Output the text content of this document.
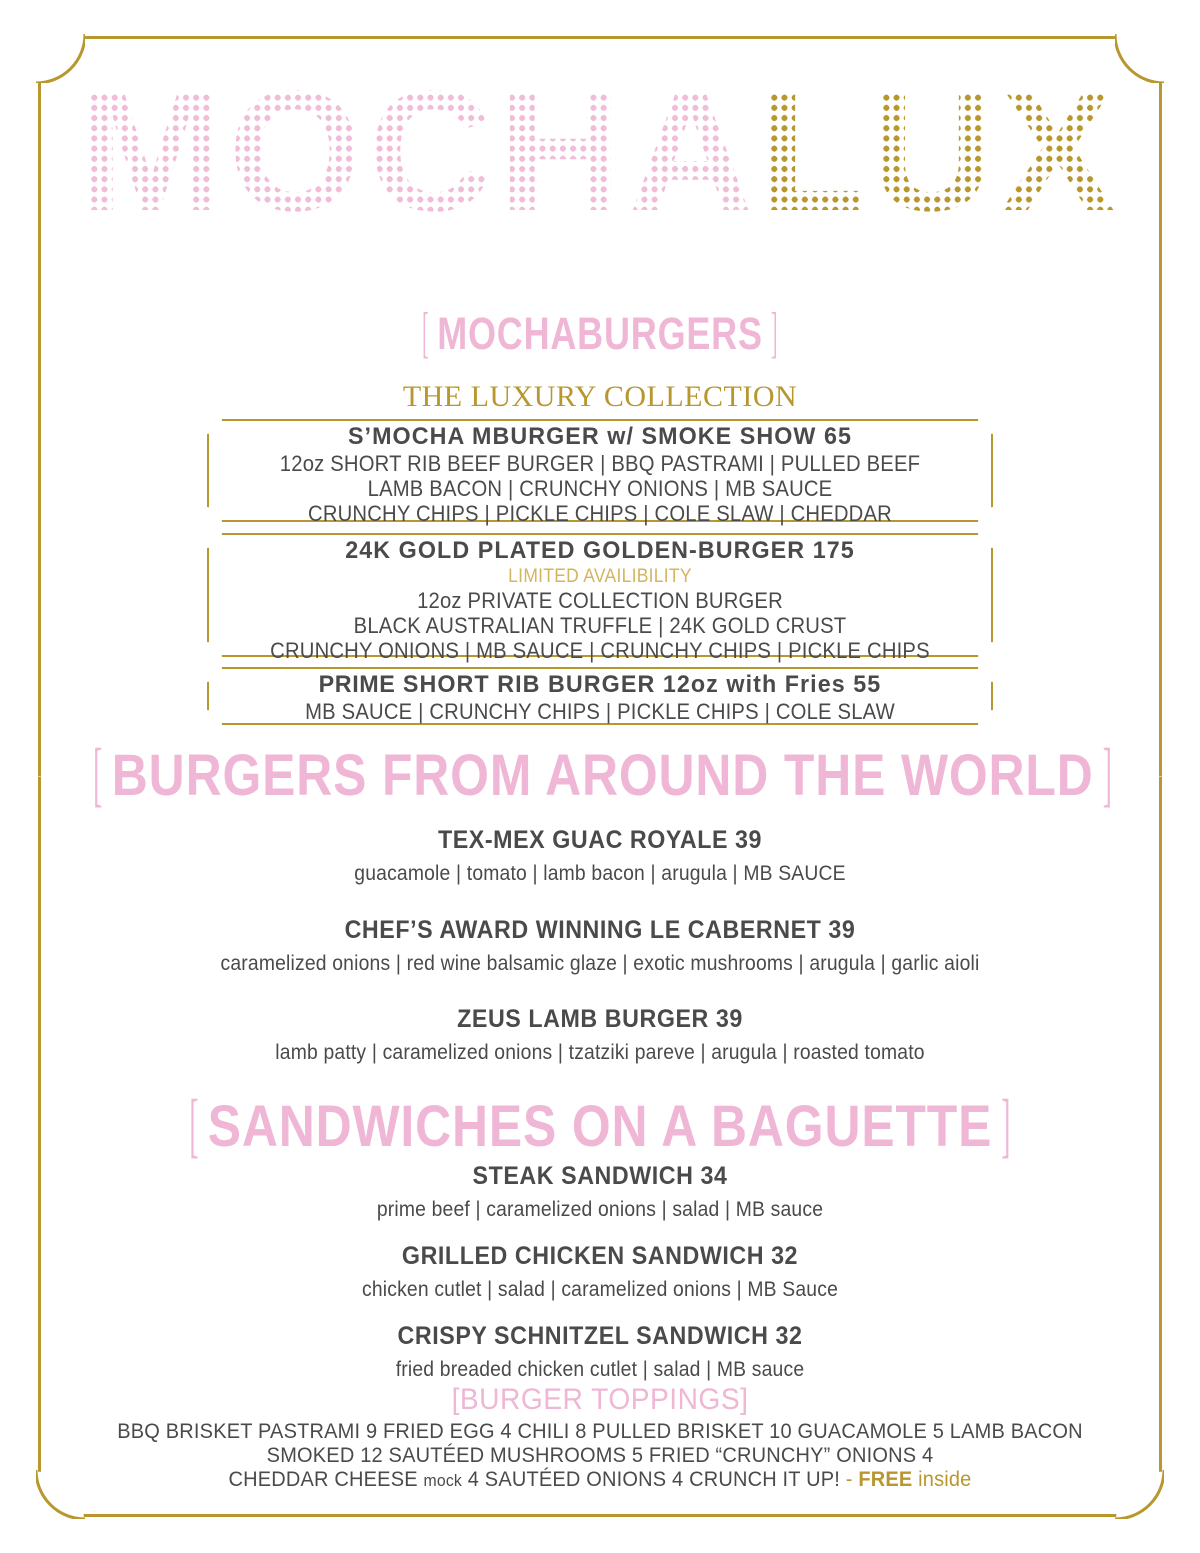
MOCHALUX
[ MOCHABURGERS ]
THE LUXURY COLLECTION
S’MOCHA MBURGER w/ SMOKE SHOW 65
12oz SHORT RIB BEEF BURGER | BBQ PASTRAMI | PULLED BEEF
LAMB BACON | CRUNCHY ONIONS | MB SAUCE
CRUNCHY CHIPS | PICKLE CHIPS | COLE SLAW | CHEDDAR
24K GOLD PLATED GOLDEN-BURGER 175
LIMITED AVAILIBILITY
12oz PRIVATE COLLECTION BURGER
BLACK AUSTRALIAN TRUFFLE | 24K GOLD CRUST
CRUNCHY ONIONS | MB SAUCE | CRUNCHY CHIPS | PICKLE CHIPS
PRIME SHORT RIB BURGER 12oz with Fries 55
MB SAUCE | CRUNCHY CHIPS | PICKLE CHIPS | COLE SLAW
[ BURGERS FROM AROUND THE WORLD ]
TEX-MEX GUAC ROYALE 39
guacamole | tomato | lamb bacon | arugula | MB SAUCE
CHEF’S AWARD WINNING LE CABERNET 39
caramelized onions | red wine balsamic glaze | exotic mushrooms | arugula | garlic aioli
ZEUS LAMB BURGER 39
lamb patty | caramelized onions | tzatziki pareve | arugula | roasted tomato
[ SANDWICHES ON A BAGUETTE ]
STEAK SANDWICH 34
prime beef | caramelized onions | salad | MB sauce
GRILLED CHICKEN SANDWICH 32
chicken cutlet | salad | caramelized onions | MB Sauce
CRISPY SCHNITZEL SANDWICH 32
fried breaded chicken cutlet | salad | MB sauce
[BURGER TOPPINGS]
BBQ BRISKET PASTRAMI 9 FRIED EGG 4 CHILI 8 PULLED BRISKET 10 GUACAMOLE 5 LAMB BACON
SMOKED 12 SAUTÉED MUSHROOMS 5 FRIED “CRUNCHY” ONIONS 4
CHEDDAR CHEESE mock 4 SAUTÉED ONIONS 4 CRUNCH IT UP! - FREE inside
